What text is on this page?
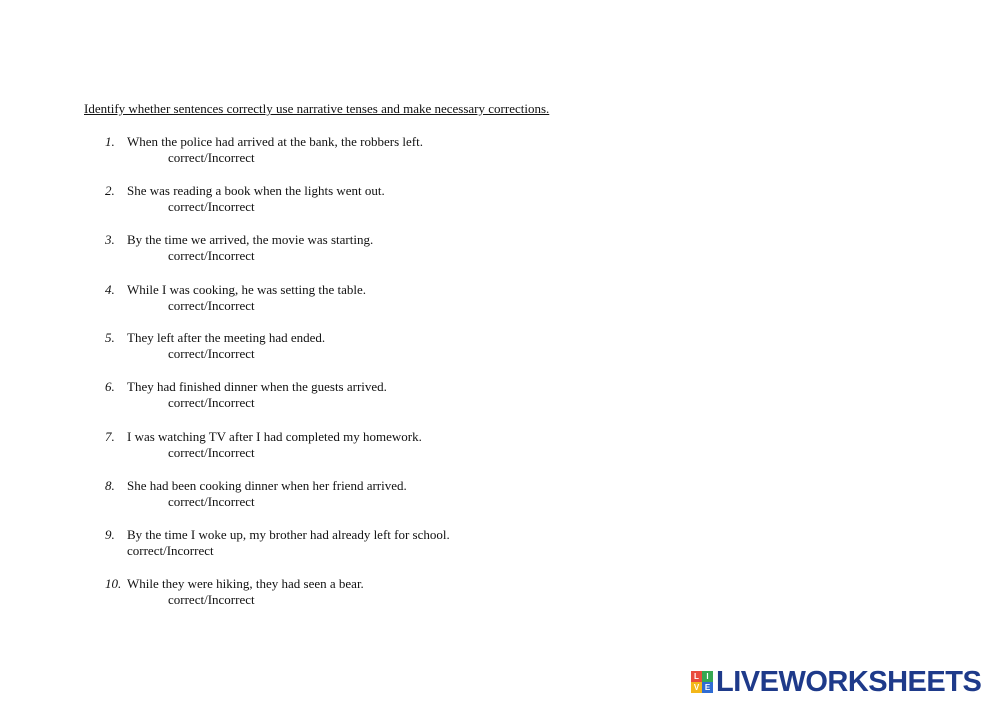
Identify whether sentences correctly use narrative tenses and make necessary corrections.
1. When the police had arrived at the bank, the robbers left.
correct/Incorrect
2. She was reading a book when the lights went out.
correct/Incorrect
3. By the time we arrived, the movie was starting.
correct/Incorrect
4. While I was cooking, he was setting the table.
correct/Incorrect
5. They left after the meeting had ended.
correct/Incorrect
6. They had finished dinner when the guests arrived.
correct/Incorrect
7. I was watching TV after I had completed my homework.
correct/Incorrect
8. She had been cooking dinner when her friend arrived.
correct/Incorrect
9. By the time I woke up, my brother had already left for school.
correct/Incorrect
10. While they were hiking, they had seen a bear.
correct/Incorrect
L I
V E LIVEWORKSHEETS
